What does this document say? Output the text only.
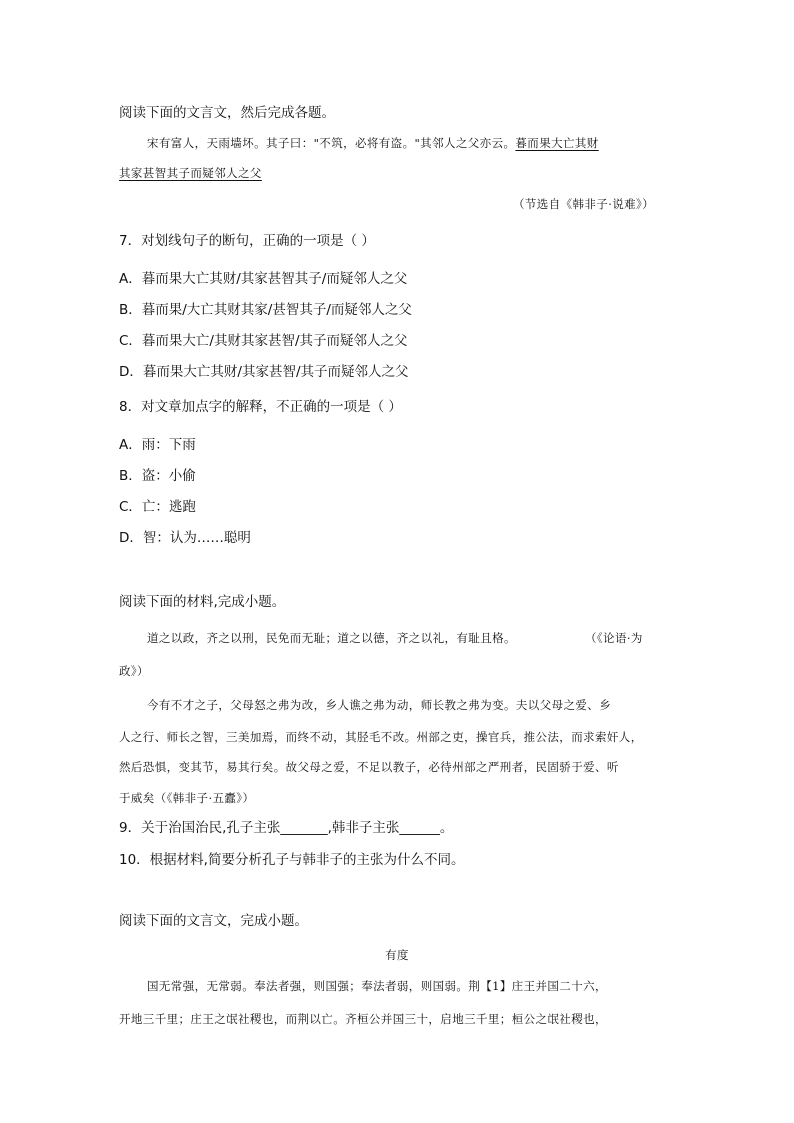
阅读下面的文言文，然后完成各题。
宋有富人，天雨墙坏。其子曰："不筑，必将有盗。"其邻人之父亦云。暮而果大亡其财
其家甚智其子而疑邻人之父
（节选自《韩非子·说难》）
7．对划线句子的断句，正确的一项是（ ）
A．暮而果大亡其财/其家甚智其子/而疑邻人之父
B．暮而果/大亡其财其家/甚智其子/而疑邻人之父
C．暮而果大亡/其财其家甚智/其子而疑邻人之父
D．暮而果大亡其财/其家甚智/其子而疑邻人之父
8．对文章加点字的解释，不正确的一项是（ ）
A．雨：下雨
B．盗：小偷
C．亡：逃跑
D．智：认为……聪明
阅读下面的材料,完成小题。
道之以政，齐之以刑，民免而无耻；道之以德，齐之以礼，有耻且格。	（《论语·为
政》）
今有不才之子，父母怒之弗为改，乡人谯之弗为动，师长教之弗为变。夫以父母之爱、乡
人之行、师长之智，三美加焉，而终不动，其胫毛不改。州部之吏，操官兵，推公法，而求索奸人，
然后恐惧，变其节，易其行矣。故父母之爱，不足以教子，必待州部之严刑者，民固骄于爱、听
于威矣（《韩非子·五蠹》）
9．关于治国治民,孔子主张_______,韩非子主张______。
10．根据材料,简要分析孔子与韩非子的主张为什么不同。
阅读下面的文言文，完成小题。
有度
国无常强，无常弱。奉法者强，则国强；奉法者弱，则国弱。荆【1】庄王并国二十六，
开地三千里；庄王之氓社稷也，而荆以亡。齐桓公并国三十，启地三千里；桓公之氓社稷也，
